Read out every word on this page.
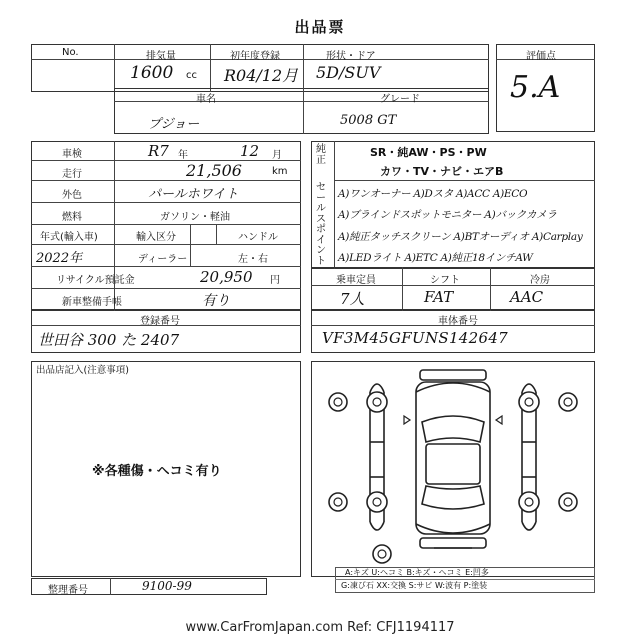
出品票
No.	排気量	初年度登録	形状・ドア
1600 cc R04/12月 5D/SUV
評価点
5.A
車名	グレード
プジョー	5008 GT
車検	R7 年	12 月
走行	21,506	km
外色	パールホワイト
燃料	ガソリン・軽油
年式(輸入車)	輸入区分	ハンドル
2022年	ディーラー	左・右
リサイクル預託金	20,950 円
新車整備手帳	有り
純正
セールスポイント
SR・純AW・PS・PW
カワ・TV・ナビ・エアB
A)ワンオーナー A)Dスタ A)ACC A)ECO
A)ブラインドスポットモニター A)バックカメラ
A)純正タッチスクリーン A)BTオーディオ A)Carplay
A)LEDライト A)ETC A)純正18インチAW
乗車定員	シフト	冷房
7人	FAT	AAC
登録番号
世田谷 300 た 2407
車体番号
VF3M45GFUNS142647
出品店記入(注意事項)
※各種傷・ヘコミ有り
A:キズ U:ヘコミ B:キズ・ヘコミ E:凹多
G:凍び石 XX:交換 S:サビ W:波有 P:塗装
整理番号	9100-99
www.CarFromJapan.com Ref: CFJ1194117
